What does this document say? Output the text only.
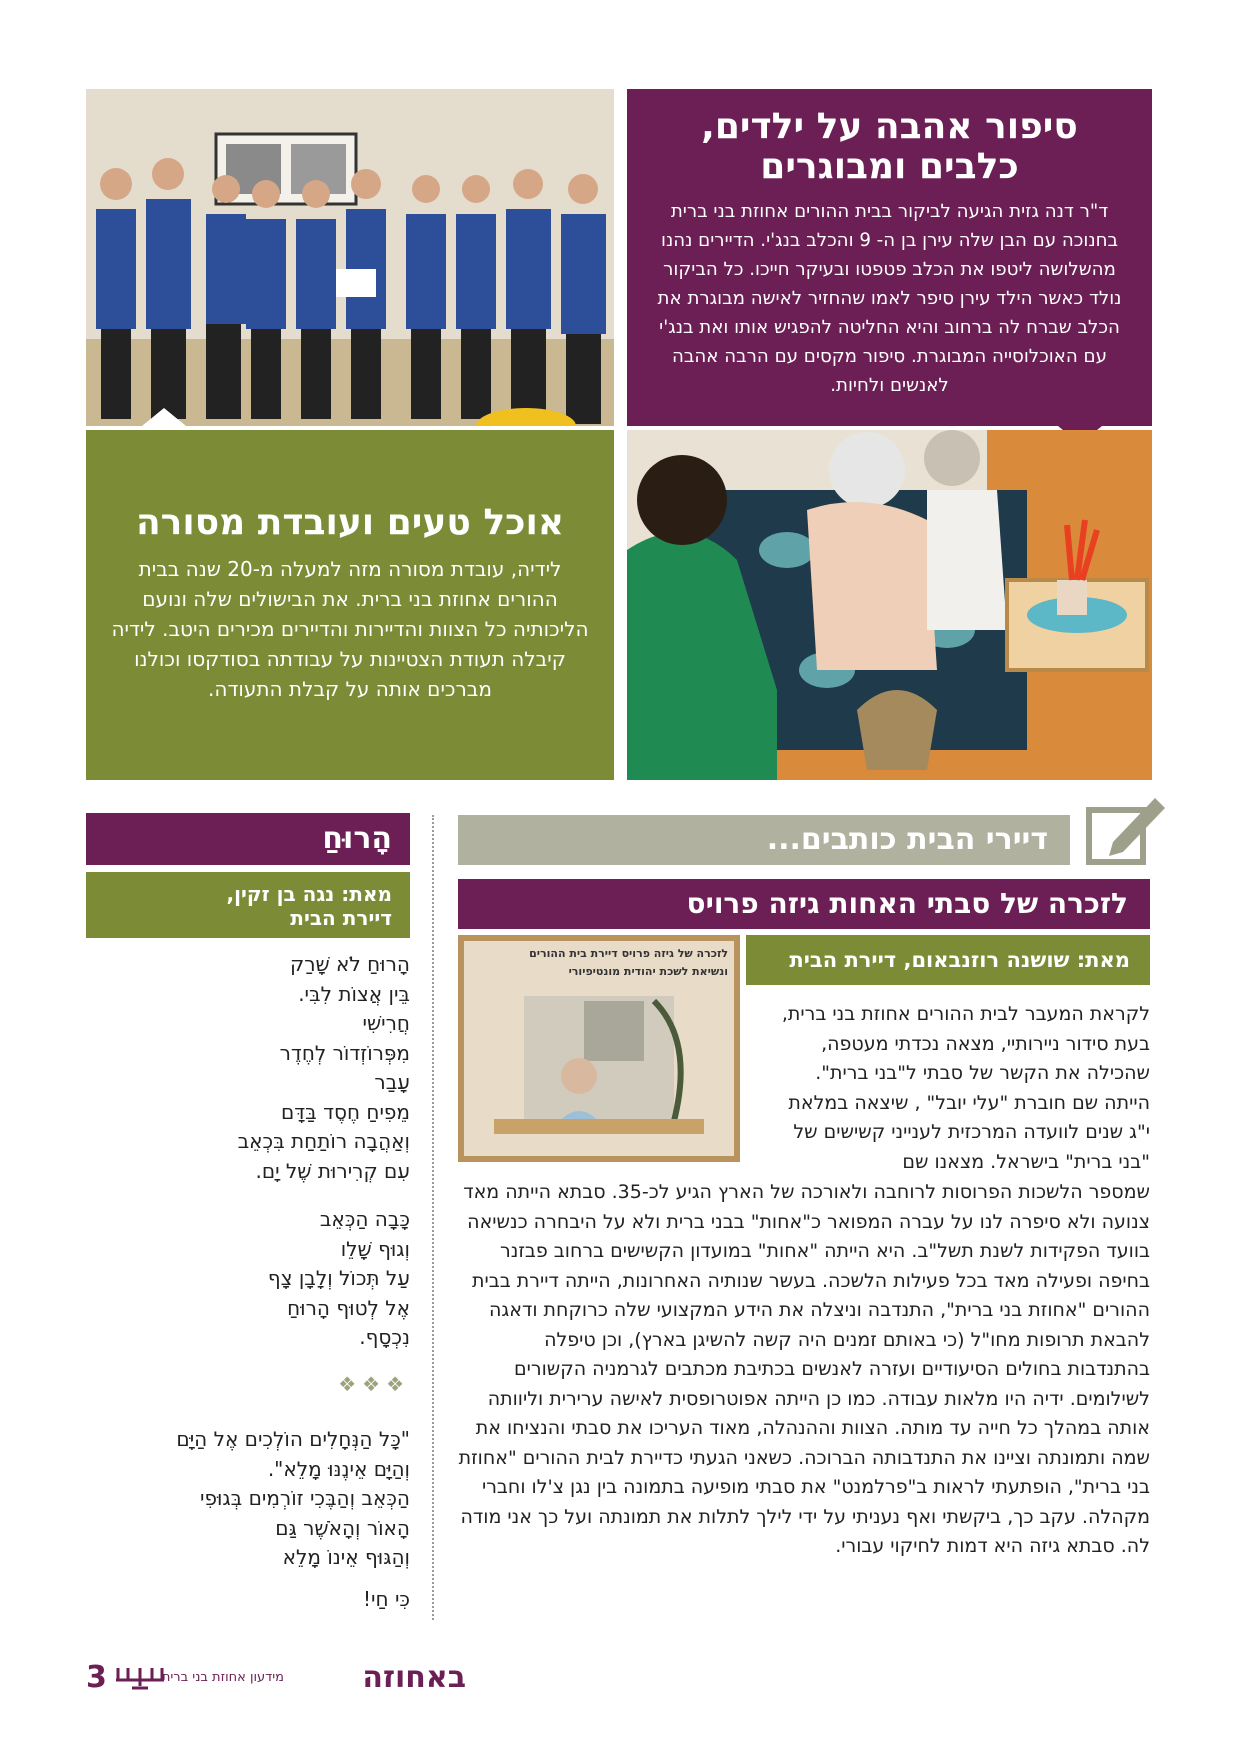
סיפור אהבה על ילדים,
כלבים ומבוגרים

ד"ר דנה גזית הגיעה לביקור בבית ההורים אחוזת בני ברית בחנוכה עם הבן שלה עירן בן ה- 9 והכלב בנג'י. הדיירים נהנו מהשלושה ליטפו את הכלב פטפטו ובעיקר חייכו. כל הביקור נולד כאשר הילד עירן סיפר לאמו שהחזיר לאישה מבוגרת את הכלב שברח לה ברחוב והיא החליטה להפגיש אותו ואת בנג'י עם האוכלוסייה המבוגרת. סיפור מקסים עם הרבה אהבה לאנשים ולחיות.

אוכל טעים ועובדת מסורה

לידיה, עובדת מסורה מזה למעלה מ-20 שנה בבית ההורים אחוזת בני ברית. את הבישולים שלה ונועם הליכותיה כל הצוות והדיירות והדיירים מכירים היטב. לידיה קיבלה תעודת הצטיינות על עבודתה בסודקסו וכולנו מברכים אותה על קבלת התעודה.

דיירי הבית כותבים...
לזכרה של סבתי האחות גיזה פרויס
מאת: שושנה רוזנבאום, דיירת הבית
לזכרה של גיזה פרויס דיירת בית ההורים
ונשיאת לשכת יהודית מונטיפיורי

לקראת המעבר לבית ההורים אחוזת בני ברית, בעת סידור ניירותיי, מצאה נכדתי מעטפה, שהכילה את הקשר של סבתי ל"בני ברית". הייתה שם חוברת "עלי יובל" , שיצאה במלאת י"ג שנים לוועדה המרכזית לענייני קשישים של "בני ברית" בישראל. מצאנו שם

שמספר הלשכות הפרוסות לרוחבה ולאורכה של הארץ הגיע לכ-35. סבתא הייתה מאד צנועה ולא סיפרה לנו על עברה המפואר כ"אחות" בבני ברית ולא על היבחרה כנשיאה בוועד הפקידות לשנת תשל"ב. היא הייתה "אחות" במועדון הקשישים ברחוב פבזנר בחיפה ופעילה מאד בכל פעילות הלשכה. בעשר שנותיה האחרונות, הייתה דיירת בבית ההורים "אחוזת בני ברית", התנדבה וניצלה את הידע המקצועי שלה כרוקחת ודאגה להבאת תרופות מחו"ל (כי באותם זמנים היה קשה להשיגן בארץ), וכן טיפלה בהתנדבות בחולים הסיעודיים ועזרה לאנשים בכתיבת מכתבים לגרמניה הקשורים לשילומים. ידיה היו מלאות עבודה. כמו כן הייתה אפוטרופסית לאישה ערירית וליוותה אותה במהלך כל חייה עד מותה. הצוות וההנהלה, מאוד העריכו את סבתי והנציחו את שמה ותמונתה וציינו את התנדבותה הברוכה. כשאני הגעתי כדיירת לבית ההורים "אחוזת בני ברית", הופתעתי לראות ב"פרלמנט" את סבתי מופיעה בתמונה בין נגן צ'לו וחברי מקהלה. עקב כך, ביקשתי ואף נעניתי על ידי לילך לתלות את תמונתה ועל כך אני מודה לה. סבתא גיזה היא דמות לחיקוי עבורי.

הָרוּחַ
מאת: נגה בן זקין,
דיירת הבית
הָרוּחַ לֹא שָׁרַק
בֵּין אֲצוֹת לִבִּי.
חֲרִישִׁי
מִפְּרוֹזְדוֹר לְחֶדֶר
עָבַר
מֵפִיחַ חֶסֶד בַּדָּם
וְאַהֲבָה רוֹתַחַת בִּכְאֵב
עִם קְרִירוּת שֶׁל יָם.
כָּבָה הַכְּאֵב
וְגוּף שָׁלֵו
עַל תְּכוֹל וְלָבָן צָף
אֶל לְטוּף הָרוּחַ
נִכְסָף.
❖❖❖
"כָּל הַנְּחָלִים הוֹלְכִים אֶל הַיָּם
וְהַיָּם אֵינֶנּוּ מָלֵא".
הַכְּאֵב וְהַבֶּכִי זוֹרְמִים בְּגוּפִי
הָאוֹר וְהָאֹשֶׁר גַּם
וְהַגּוּף אֵינוֹ מָלֵא
כִּי חַי!
באחוזה
מידעון אחוזת בני ברית
3
